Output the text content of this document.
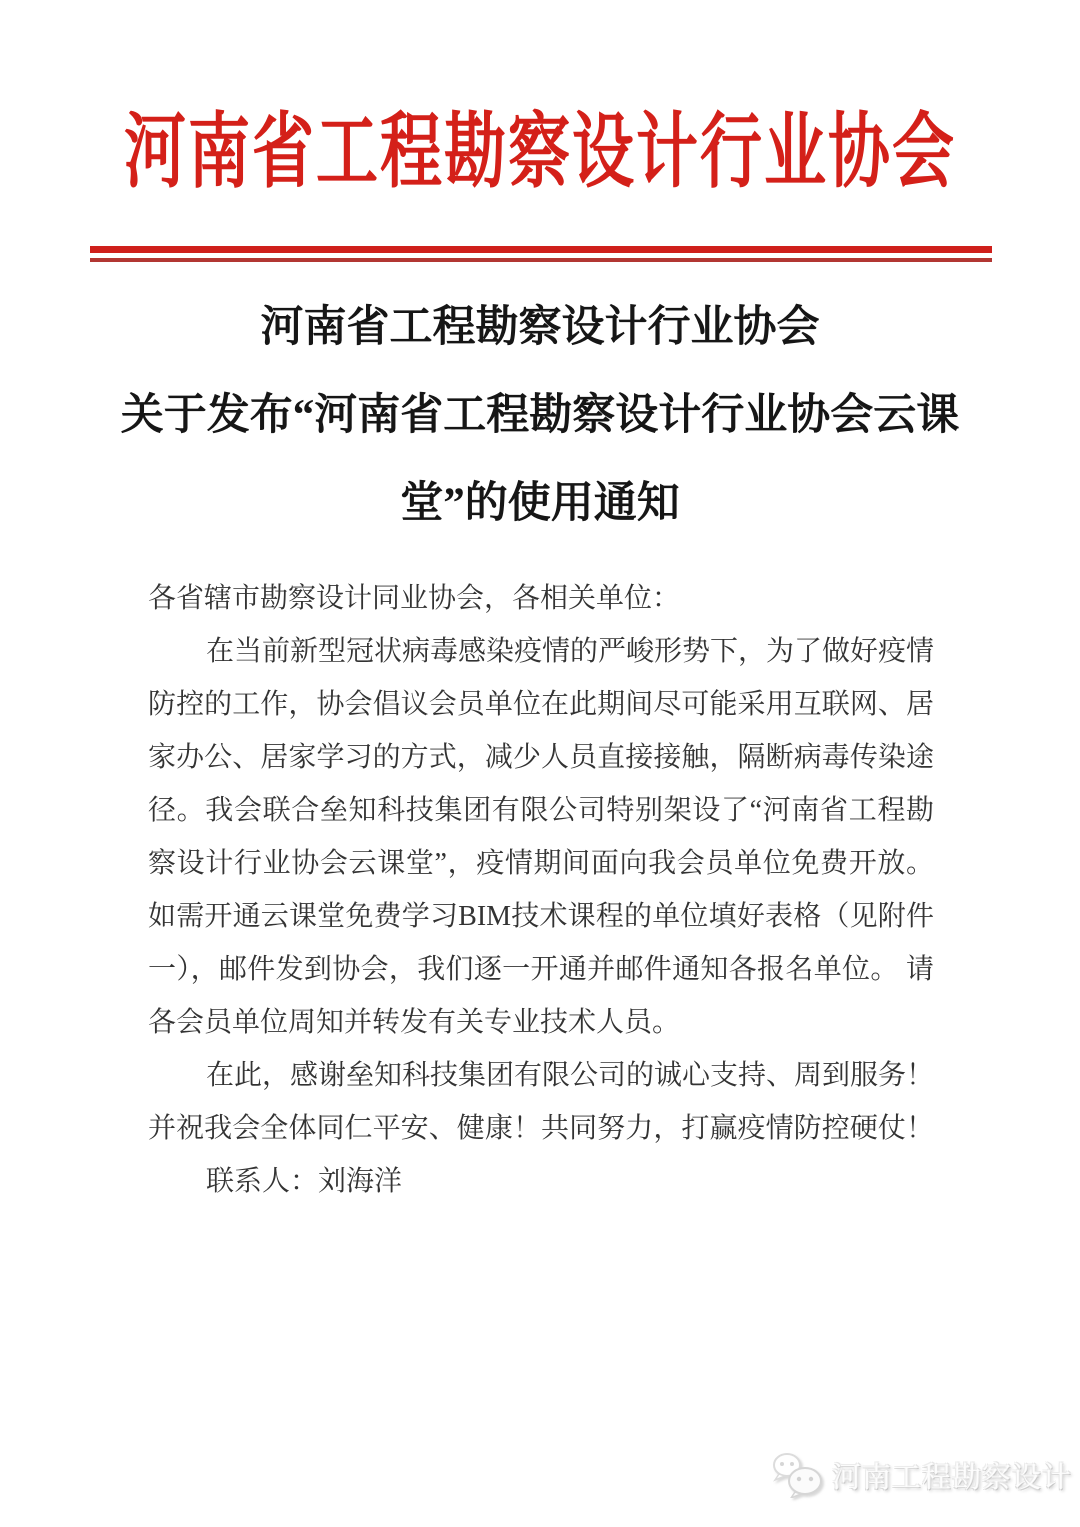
河南省工程勘察设计行业协会
河南省工程勘察设计行业协会
关于发布“河南省工程勘察设计行业协会云课
堂”的使用通知
各省辖市勘察设计同业协会，各相关单位：
在当前新型冠状病毒感染疫情的严峻形势下，为了做好疫情
防控的工作，协会倡议会员单位在此期间尽可能采用互联网、居
家办公、居家学习的方式，减少人员直接接触，隔断病毒传染途
径。我会联合垒知科技集团有限公司特别架设了“河南省工程勘
察设计行业协会云课堂”，疫情期间面向我会员单位免费开放。
如需开通云课堂免费学习BIM技术课程的单位填好表格（见附件
一），邮件发到协会，我们逐一开通并邮件通知各报名单位。 请
各会员单位周知并转发有关专业技术人员。
在此，感谢垒知科技集团有限公司的诚心支持、周到服务！
并祝我会全体同仁平安、健康！共同努力，打赢疫情防控硬仗！
联系人：刘海洋
河南工程勘察设计
